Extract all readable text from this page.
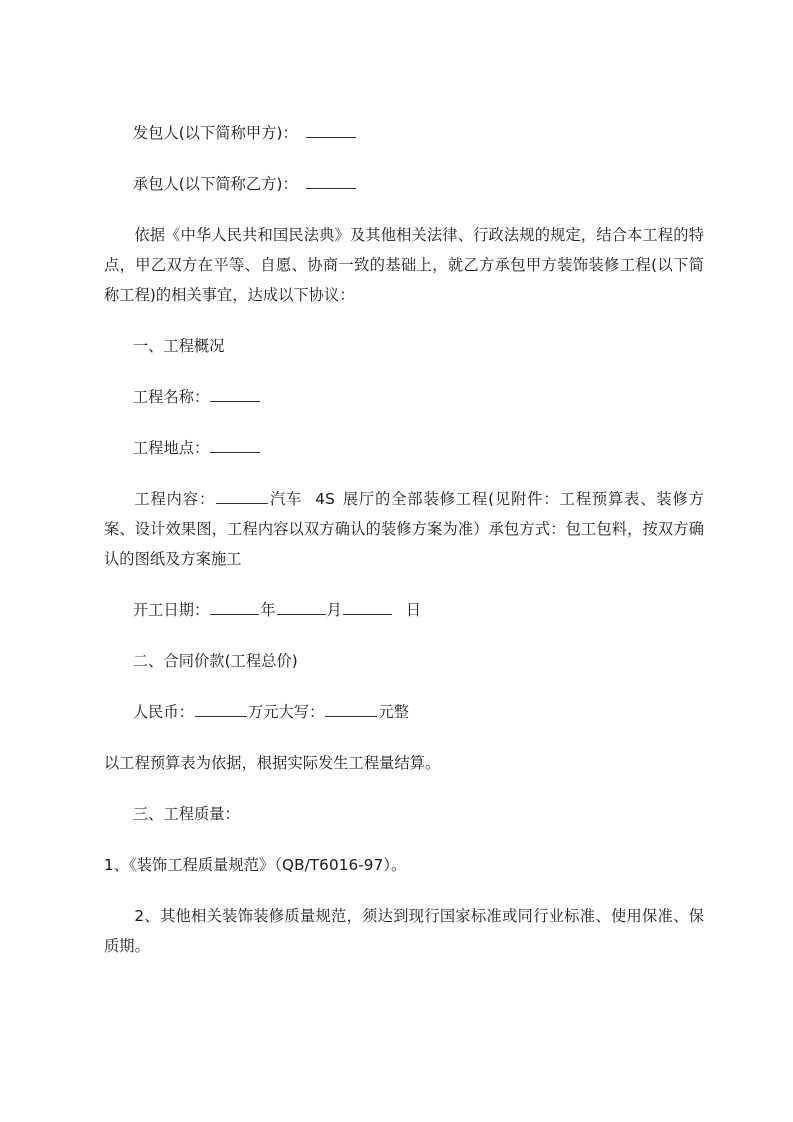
发包人(以下简称甲方)：

承包人(以下简称乙方)：

依据《中华人民共和国民法典》及其他相关法律、行政法规的规定，结合本工程的特点，甲乙双方在平等、自愿、协商一致的基础上，就乙方承包甲方装饰装修工程(以下简称工程)的相关事宜，达成以下协议：

一、工程概况

工程名称：

工程地点：

工程内容：	汽车 4S 展厅的全部装修工程(见附件：工程预算表、装修方案、设计效果图，工程内容以双方确认的装修方案为准）承包方式：包工包料，按双方确认的图纸及方案施工

开工日期：	年	月	日

二、合同价款(工程总价)

人民币：	万元大写：	元整

以工程预算表为依据，根据实际发生工程量结算。

三、工程质量：

1、《装饰工程质量规范》（QB/T6016-97）。

2、其他相关装饰装修质量规范，须达到现行国家标准或同行业标准、使用保准、保质期。
